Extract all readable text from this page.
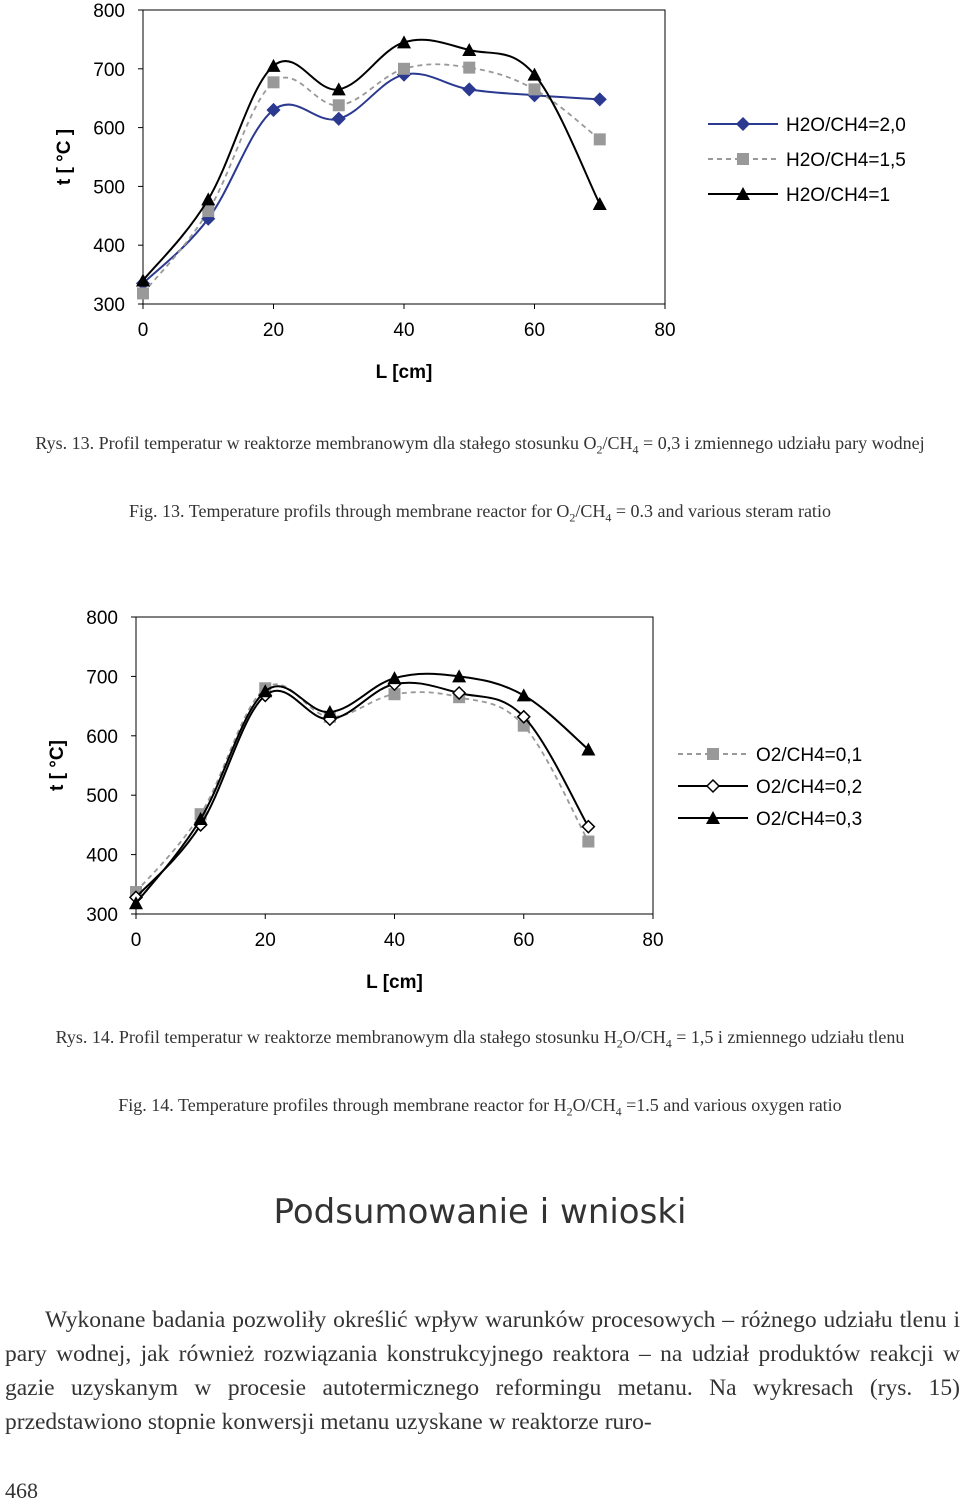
300
400
500
600
700
800
0	20	40	60	80
L [cm]
t [ °C ]
H2O/CH4=2,0
H2O/CH4=1,5
H2O/CH4=1
Rys. 13. Profil temperatur w reaktorze membranowym dla stałego stosunku $O_2/CH_4 = 0,3$ i zmiennego udziału pary wodnej
Fig. 13. Temperature profils through membrane reactor for $O_2/CH_4 = 0.3$ and various steram ratio
300
400
500
600
700
800
0	20	40	60	80
L [cm]
t [ °C]	O2/CH4=0,1
O2/CH4=0,2
O2/CH4=0,3
Rys. 14. Profil temperatur w reaktorze membranowym dla stałego stosunku $H_2O/CH_4 = 1,5$ i zmiennego udziału tlenu
Fig. 14. Temperature profiles through membrane reactor for $H_2O/CH_4 =1.5$ and various oxygen ratio
Podsumowanie i wnioski

Wykonane badania pozwoliły określić wpływ warunków procesowych – różnego udziału tlenu i pary wodnej, jak również rozwiązania konstrukcyjnego reaktora – na udział produktów reakcji w gazie uzyskanym w procesie autotermicznego reformingu metanu. Na wykresach (rys. 15) przedstawiono stopnie konwersji metanu uzyskane w reaktorze ruro-

468
